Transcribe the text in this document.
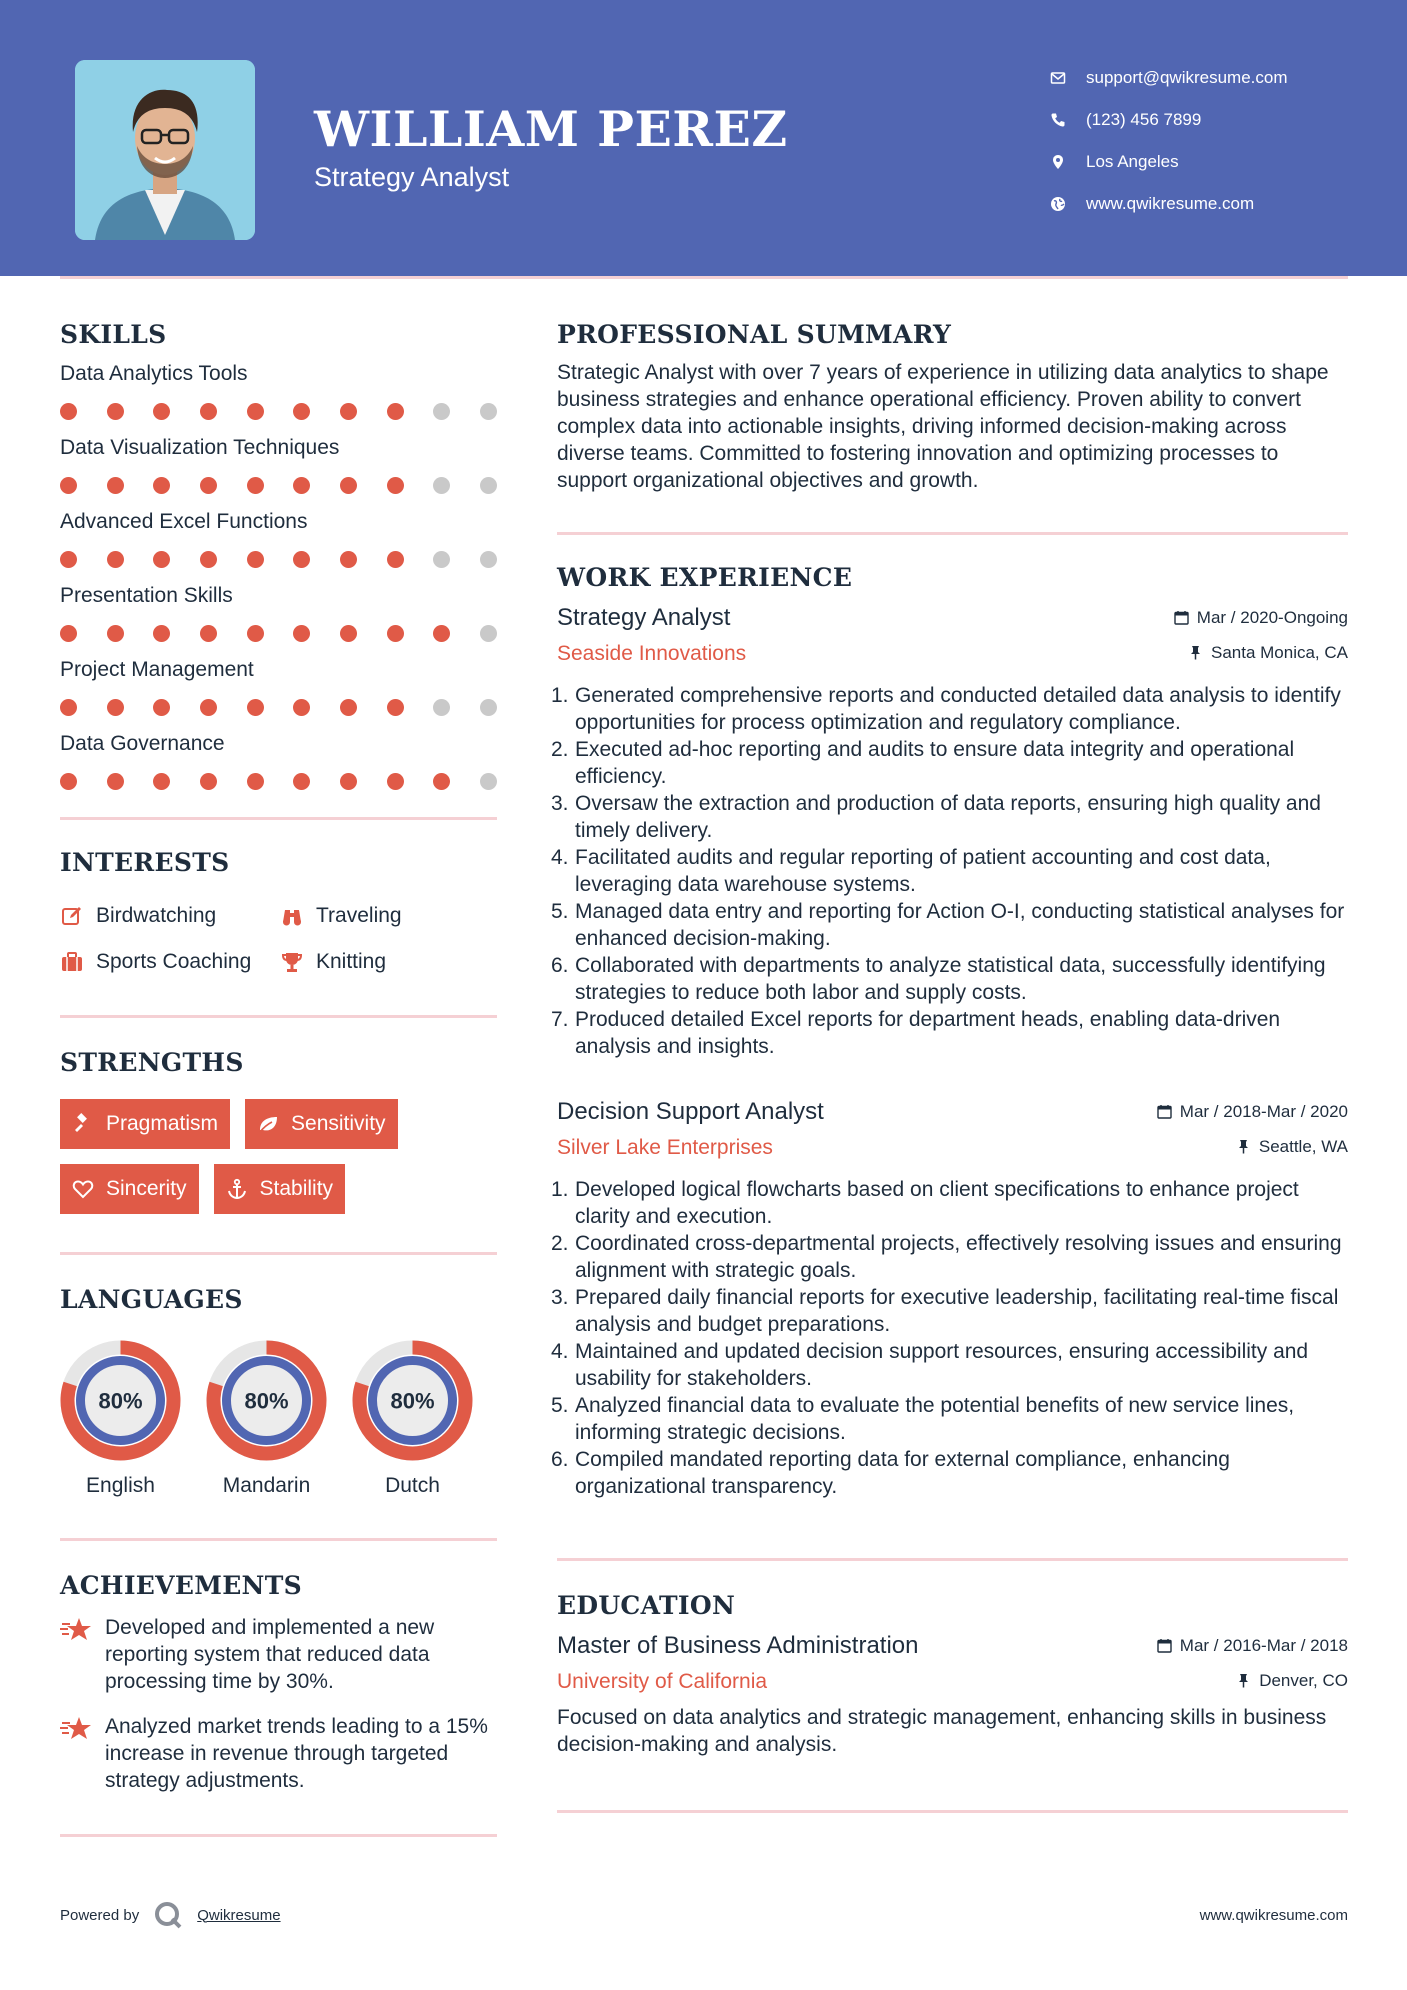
WILLIAM PEREZ
Strategy Analyst
support@qwikresume.com
(123) 456 7899
Los Angeles
www.qwikresume.com
SKILLS
Data Analytics Tools
Data Visualization Techniques
Advanced Excel Functions
Presentation Skills
Project Management
Data Governance
INTERESTS
Birdwatching	Traveling
Sports Coaching	Knitting
STRENGTHS
Pragmatism	Sensitivity
Sincerity	Stability
LANGUAGES
80%
English
80%
Mandarin
80%
Dutch
ACHIEVEMENTS
Developed and implemented a new reporting system that reduced data processing time by 30%.
Analyzed market trends leading to a 15% increase in revenue through targeted strategy adjustments.
PROFESSIONAL SUMMARY
Strategic Analyst with over 7 years of experience in utilizing data analytics to shape business strategies and enhance operational efficiency. Proven ability to convert complex data into actionable insights, driving informed decision-making across diverse teams. Committed to fostering innovation and optimizing processes to support organizational objectives and growth.
WORK EXPERIENCE
Strategy Analyst	Mar / 2020-Ongoing
Seaside Innovations	Santa Monica, CA
1. Generated comprehensive reports and conducted detailed data analysis to identify opportunities for process optimization and regulatory compliance.
2. Executed ad-hoc reporting and audits to ensure data integrity and operational efficiency.
3. Oversaw the extraction and production of data reports, ensuring high quality and timely delivery.
4. Facilitated audits and regular reporting of patient accounting and cost data, leveraging data warehouse systems.
5. Managed data entry and reporting for Action O-I, conducting statistical analyses for enhanced decision-making.
6. Collaborated with departments to analyze statistical data, successfully identifying strategies to reduce both labor and supply costs.
7. Produced detailed Excel reports for department heads, enabling data-driven analysis and insights.
Decision Support Analyst	Mar / 2018-Mar / 2020
Silver Lake Enterprises	Seattle, WA
1. Developed logical flowcharts based on client specifications to enhance project clarity and execution.
2. Coordinated cross-departmental projects, effectively resolving issues and ensuring alignment with strategic goals.
3. Prepared daily financial reports for executive leadership, facilitating real-time fiscal analysis and budget preparations.
4. Maintained and updated decision support resources, ensuring accessibility and usability for stakeholders.
5. Analyzed financial data to evaluate the potential benefits of new service lines, informing strategic decisions.
6. Compiled mandated reporting data for external compliance, enhancing organizational transparency.
EDUCATION
Master of Business Administration	Mar / 2016-Mar / 2018
University of California	Denver, CO
Focused on data analytics and strategic management, enhancing skills in business decision-making and analysis.
Powered by	Qwikresume	www.qwikresume.com
